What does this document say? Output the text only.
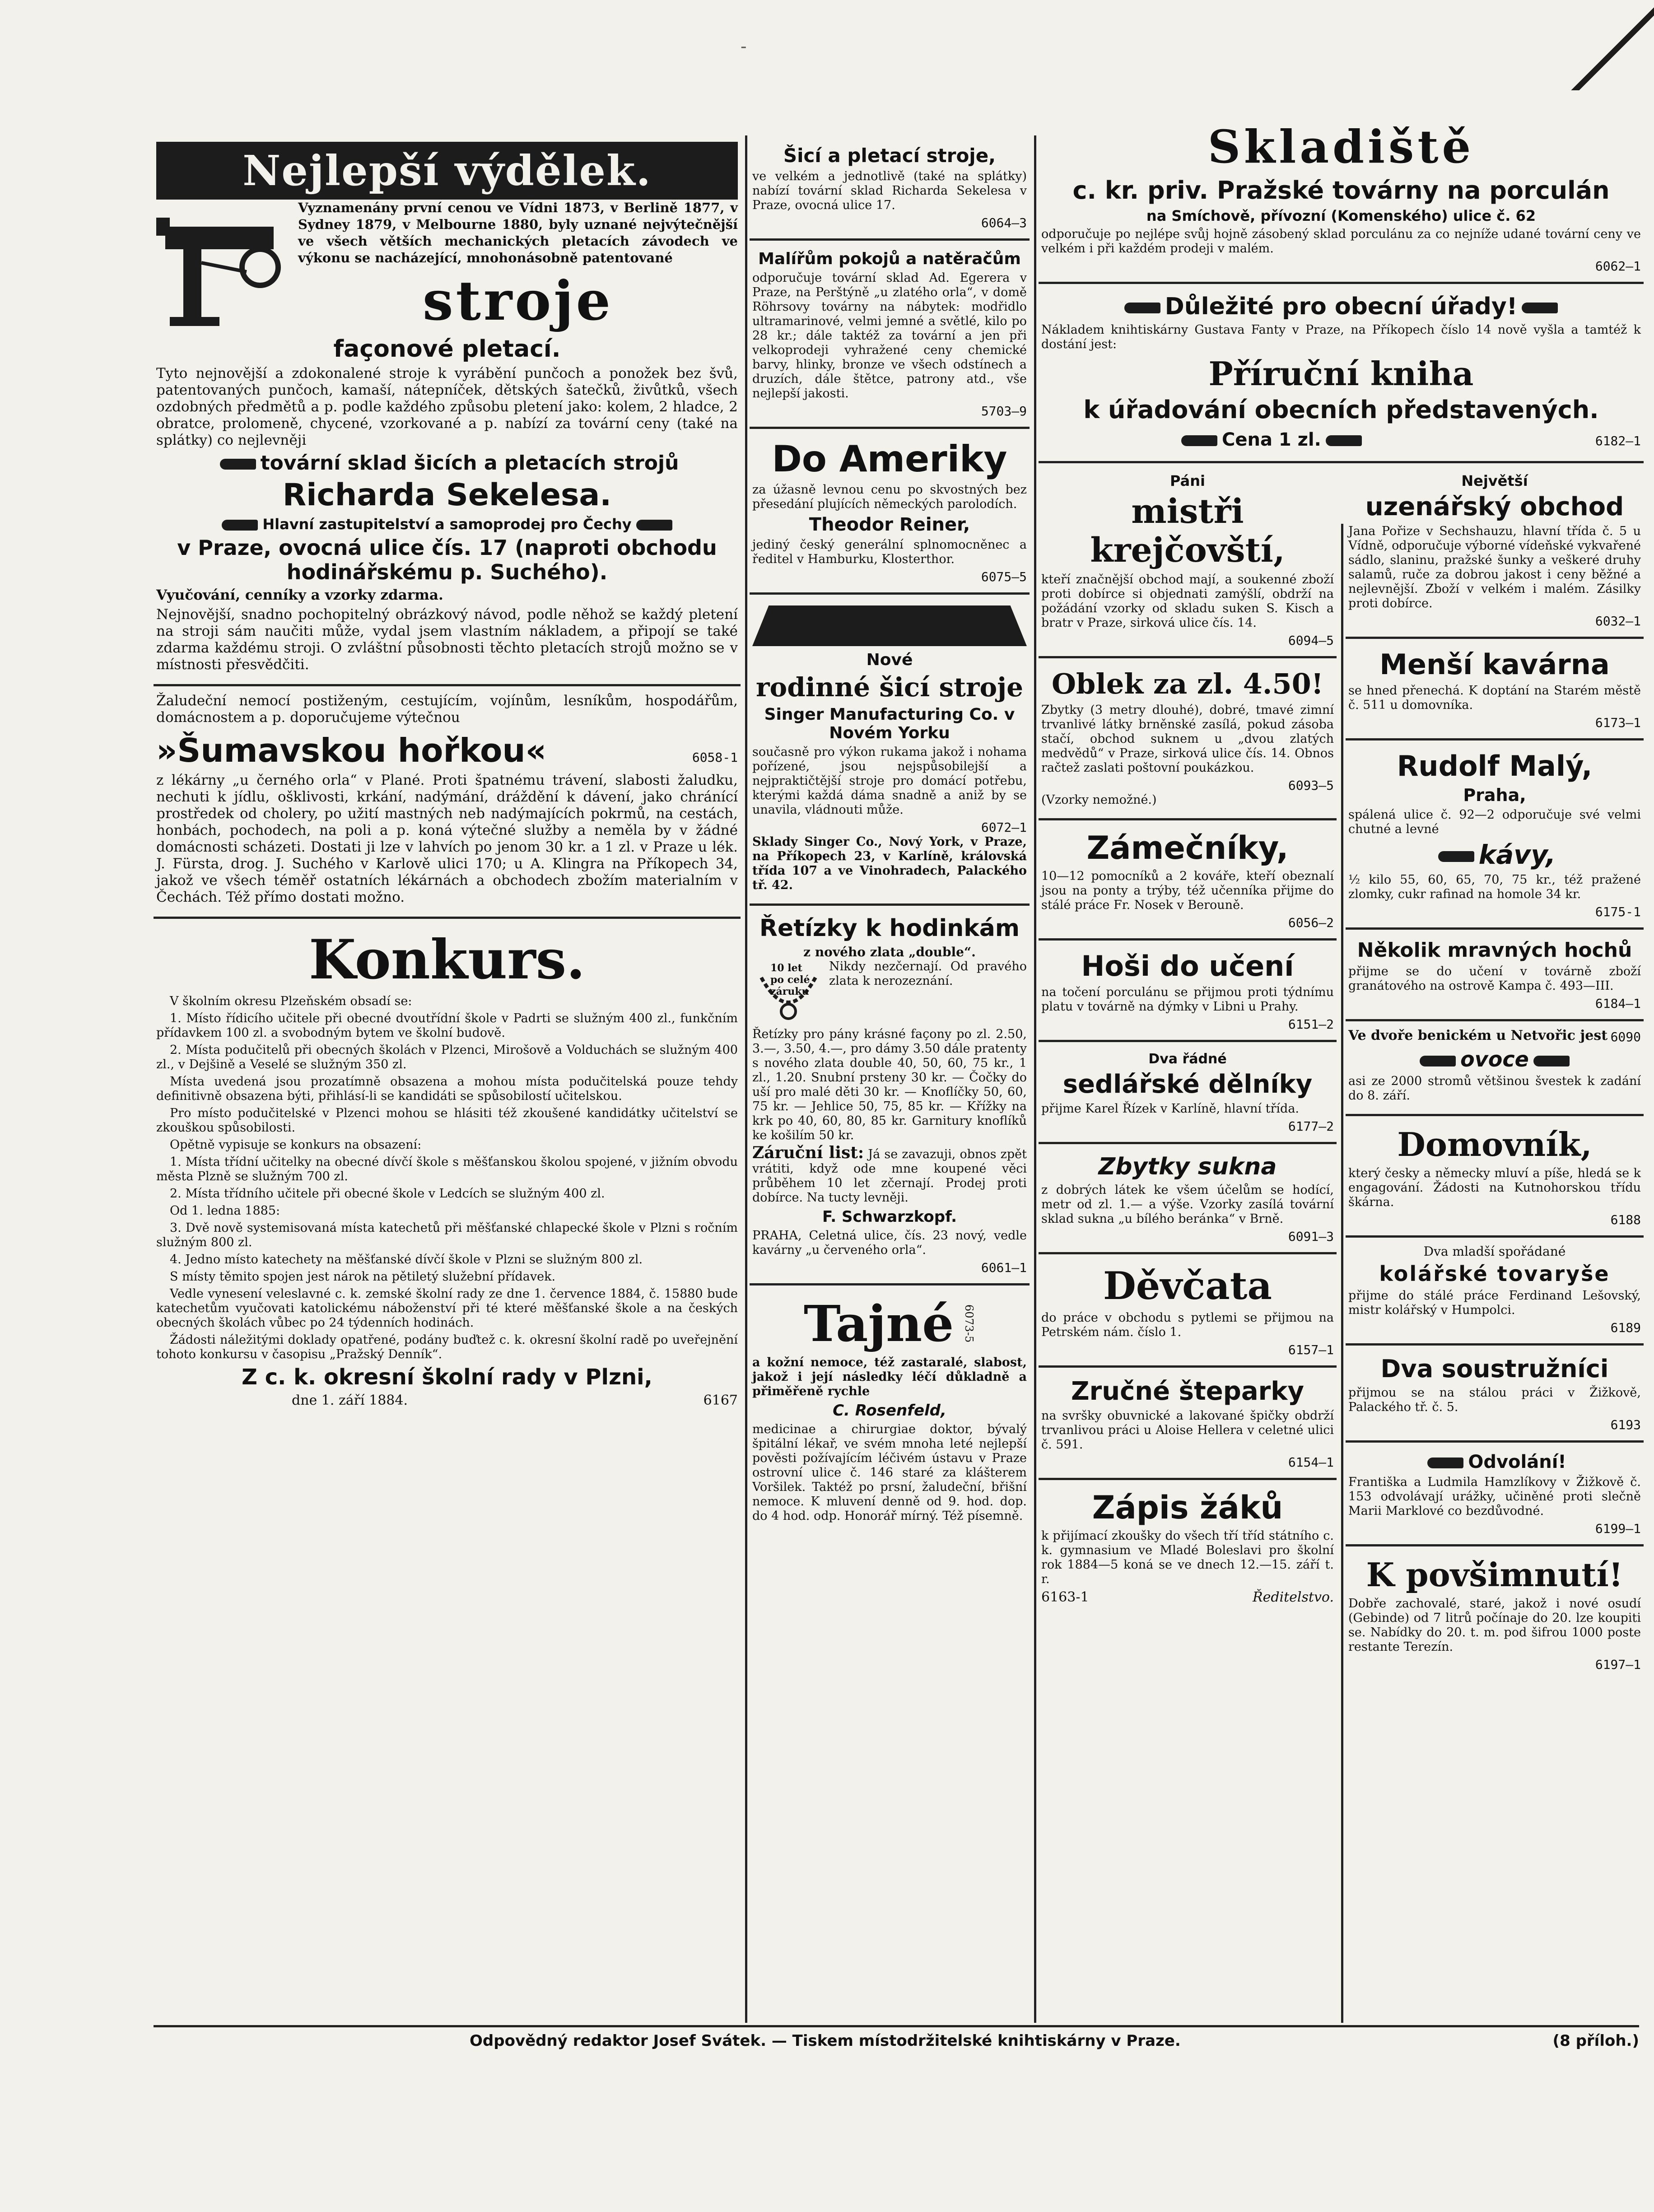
-
Nejlepší výdělek.

Vyznamenány první cenou ve Vídni 1873, v Berlině 1877, v Sydney 1879, v Melbourne 1880, byly uznané nejvýtečnější ve všech větších mechanických pletacích závodech ve výkonu se nacházející, mnohonásobně patentované

stroje
façonové pletací.

Tyto nejnovější a zdokonalené stroje k vyrábění punčoch a ponožek bez švů, patentovaných punčoch, kamaší, nátepníček, dětských šatečků, živůtků, všech ozdobných předmětů a p. podle každého způsobu pletení jako: kolem, 2 hladce, 2 obratce, prolomeně, chycené, vzorkované a p. nabízí za tovární ceny (také na splátky) co nejlevněji

tovární sklad šicích a pletacích strojů
Richarda Sekelesa.
Hlavní zastupitelství a samoprodej pro Čechy
v Praze, ovocná ulice čís. 17 (naproti obchodu hodinářskému p. Suchého).

Vyučování, cenníky a vzorky zdarma.

Nejnovější, snadno pochopitelný obrázkový návod, podle něhož se každý pletení na stroji sám naučiti může, vydal jsem vlastním nákladem, a připojí se také zdarma každému stroji. O zvláštní působnosti těchto pletacích strojů možno se v místnosti přesvědčiti.

Žaludeční nemocí postiženým, cestujícím, vojínům, lesníkům, hospodářům, domácnostem a p. doporučujeme výtečnou

»Šumavskou hořkou«	6058-1

z lékárny „u černého orla“ v Plané. Proti špatnému trávení, slabosti žaludku, nechuti k jídlu, ošklivosti, krkání, nadýmání, dráždění k dávení, jako chránící prostředek od cholery, po užití mastných neb nadýmajících pokrmů, na cestách, honbách, pochodech, na poli a p. koná výtečné služby a neměla by v žádné domácnosti scházeti. Dostati ji lze v lahvích po jenom 30 kr. a 1 zl. v Praze u lék. J. Fürsta, drog. J. Suchého v Karlově ulici 170; u A. Klingra na Příkopech 34, jakož ve všech téměř ostatních lékárnách a obchodech zbožím materialním v Čechách. Též přímo dostati možno.

Konkurs.

V školním okresu Plzeňském obsadí se:

1. Místo řídicího učitele při obecné dvoutřídní škole v Padrti se služným 400 zl., funkčním přídavkem 100 zl. a svobodným bytem ve školní budově.

2. Místa podučitelů při obecných školách v Plzenci, Mirošově a Volduchách se služným 400 zl., v Dejšině a Veselé se služným 350 zl.

Místa uvedená jsou prozatímně obsazena a mohou místa podučitelská pouze tehdy definitivně obsazena býti, přihlásí-li se kandidáti se spůsobilostí učitelskou.

Pro místo podučitelské v Plzenci mohou se hlásiti též zkoušené kandidátky učitelství se zkouškou spůsobilosti.

Opětně vypisuje se konkurs na obsazení:

1. Místa třídní učitelky na obecné dívčí škole s měšťanskou školou spojené, v jižním obvodu města Plzně se služným 700 zl.

2. Místa třídního učitele při obecné škole v Ledcích se služným 400 zl.

Od 1. ledna 1885:

3. Dvě nově systemisovaná místa katechetů při měšťanské chlapecké škole v Plzni s ročním služným 800 zl.

4. Jedno místo katechety na měšťanské dívčí škole v Plzni se služným 800 zl.

S místy těmito spojen jest nárok na pětiletý služební přídavek.

Vedle vynesení veleslavné c. k. zemské školní rady ze dne 1. července 1884, č. 15880 bude katechetům vyučovati katolickému náboženství při té které měšťanské škole a na českých obecných školách vůbec po 24 týdenních hodinách.

Žádosti náležitými doklady opatřené, podány buďtež c. k. okresní školní radě po uveřejnění tohoto konkursu v časopisu „Pražský Denník“.

Z c. k. okresní školní rady v Plzni,
dne 1. září 1884.	6167
Šicí a pletací stroje,

ve velkém a jednotlivě (také na splátky) nabízí tovární sklad Richarda Sekelesa v Praze, ovocná ulice 17.

6064—3
Malířům pokojů a natěračům

odporučuje tovární sklad Ad. Egerera v Praze, na Perštýně „u zlatého orla“, v domě Röhrsovy továrny na nábytek: modřidlo ultramarinové, velmi jemné a světlé, kilo po 28 kr.; dále taktéž za tovární a jen při velkoprodeji vyhražené ceny chemické barvy, hlinky, bronze ve všech odstínech a druzích, dále štětce, patrony atd., vše nejlepší jakosti.

5703—9
Do Ameriky

za úžasně levnou cenu po skvostných bez přesedání plujících německých parolodích.

Theodor Reiner,

jediný český generální splnomocněnec a ředitel v Hamburku, Klosterthor.

6075—5
Nové
rodinné šicí stroje
Singer Manufacturing Co. v Novém Yorku

současně pro výkon rukama jakož i nohama pořízené, jsou nejspůsobilejší a nejpraktičtější stroje pro domácí potřebu, kterými každá dáma snadně a aniž by se unavila, vládnouti může.

6072—1

Sklady Singer Co., Nový York, v Praze, na Příkopech 23, v Karlíně, královská třída 107 a ve Vinohradech, Palackého tř. 42.

Řetízky k hodinkám
z nového zlata „double“.
10 let
po celé
záruku

Nikdy nezčernají. Od pravého zlata k nerozeznání.

Řetízky pro pány krásné façony po zl. 2.50, 3.—, 3.50, 4.—, pro dámy 3.50 dále pratenty s nového zlata double 40, 50, 60, 75 kr., 1 zl., 1.20. Snubní prsteny 30 kr. — Čočky do uší pro malé děti 30 kr. — Knoflíčky 50, 60, 75 kr. — Jehlice 50, 75, 85 kr. — Křížky na krk po 40, 60, 80, 85 kr. Garnitury knoflíků ke košilím 50 kr.

Záruční list: Já se zavazuji, obnos zpět vrátiti, když ode mne koupené věci průběhem 10 let zčernají. Prodej proti dobírce. Na tucty levněji.

F. Schwarzkopf.

PRAHA, Celetná ulice, čís. 23 nový, vedle kavárny „u červeného orla“.

6061—1
Tajné 6073-5

a kožní nemoce, též zastaralé, slabost, jakož i její následky léčí důkladně a přiměřeně rychle

C. Rosenfeld,

medicinae a chirurgiae doktor, bývalý špitální lékař, ve svém mnoha leté nejlepší pověsti požívajícím léčivém ústavu v Praze ostrovní ulice č. 146 staré za klášterem Voršilek. Taktéž po prsní, žaludeční, břišní nemoce. K mluvení denně od 9. hod. dop. do 4 hod. odp. Honorář mírný. Též písemně.

Skladiště
c. kr. priv. Pražské továrny na porculán
na Smíchově, přívozní (Komenského) ulice č. 62

odporučuje po nejlépe svůj hojně zásobený sklad porculánu za co nejníže udané tovární ceny ve velkém i při každém prodeji v malém.

6062—1
Důležité pro obecní úřady!

Nákladem knihtiskárny Gustava Fanty v Praze, na Příkopech číslo 14 nově vyšla a tamtéž k dostání jest:

Příruční kniha
k úřadování obecních představených.
Cena 1 zl.	6182—1
Páni
mistři krejčovští,

kteří značnější obchod mají, a soukenné zboží proti dobírce si objednati zamýšlí, obdrží na požádání vzorky od skladu suken S. Kisch a bratr v Praze, sirková ulice čís. 14.

6094—5
Oblek za zl. 4.50!

Zbytky (3 metry dlouhé), dobré, tmavé zimní trvanlivé látky brněnské zasílá, pokud zásoba stačí, obchod suknem u „dvou zlatých medvědů“ v Praze, sirková ulice čís. 14. Obnos račtež zaslati poštovní poukázkou.

6093—5

(Vzorky nemožné.)

Zámečníky,

10—12 pomocníků a 2 kováře, kteří obeznalí jsou na ponty a trýby, též učenníka přijme do stálé práce Fr. Nosek v Berouně.

6056—2
Hoši do učení

na točení porculánu se přijmou proti týdnímu platu v továrně na dýmky v Libni u Prahy.

6151—2
Dva řádné
sedlářské dělníky

přijme Karel Řízek v Karlíně, hlavní třída.

6177—2
Zbytky sukna

z dobrých látek ke všem účelům se hodící, metr od zl. 1.— a výše. Vzorky zasílá tovární sklad sukna „u bílého beránka“ v Brně.

6091—3
Děvčata

do práce v obchodu s pytlemi se přijmou na Petrském nám. číslo 1.

6157—1
Zručné šteparky

na svršky obuvnické a lakované špičky obdrží trvanlivou práci u Aloise Hellera v celetné ulici č. 591.

6154—1
Zápis žáků

k přijímací zkoušky do všech tří tříd státního c. k. gymnasium ve Mladé Boleslavi pro školní rok 1884—5 koná se ve dnech 12.—15. září t. r.

6163-1	Ředitelstvo.
Největší
uzenářský obchod

Jana Pořize v Sechshauzu, hlavní třída č. 5 u Vídně, odporučuje výborné vídeňské vykvařené sádlo, slaninu, pražské šunky a veškeré druhy salamů, ruče za dobrou jakost i ceny běžné a nejlevnější. Zboží v velkém i malém. Zásilky proti dobírce.

6032—1
Menší kavárna

se hned přenechá. K doptání na Starém městě č. 511 u domovníka.

6173—1
Rudolf Malý,
Praha,

spálená ulice č. 92—2 odporučuje své velmi chutné a levné

kávy,

½ kilo 55, 60, 65, 70, 75 kr., též pražené zlomky, cukr rafinad na homole 34 kr.

6175-1
Několik mravných hochů

přijme se do učení v továrně zboží granátového na ostrově Kampa č. 493—III.

6184—1
Ve dvoře benickém u Netvořic jest 6090
ovoce

asi ze 2000 stromů většinou švestek k zadání do 8. září.

Domovník,

který česky a německy mluví a píše, hledá se k engagování. Žádosti na Kutnohorskou třídu škárna.

6188
Dva mladší spořádané
kolářské tovaryše

přijme do stálé práce Ferdinand Lešovský, mistr kolářský v Humpolci.

6189
Dva soustružníci

přijmou se na stálou práci v Žižkově, Palackého tř. č. 5.

6193
Odvolání!

Františka a Ludmila Hamzlíkovy v Žižkově č. 153 odvolávají urážky, učiněné proti slečně Marii Marklové co bezdůvodné.

6199—1
K povšimnutí!

Dobře zachovalé, staré, jakož i nové osudí (Gebinde) od 7 litrů počínaje do 20. lze koupiti se. Nabídky do 20. t. m. pod šifrou 1000 poste restante Terezín.

6197—1
Odpovědný redaktor Josef Svátek. — Tiskem místodržitelské knihtiskárny v Praze.	(8 příloh.)
